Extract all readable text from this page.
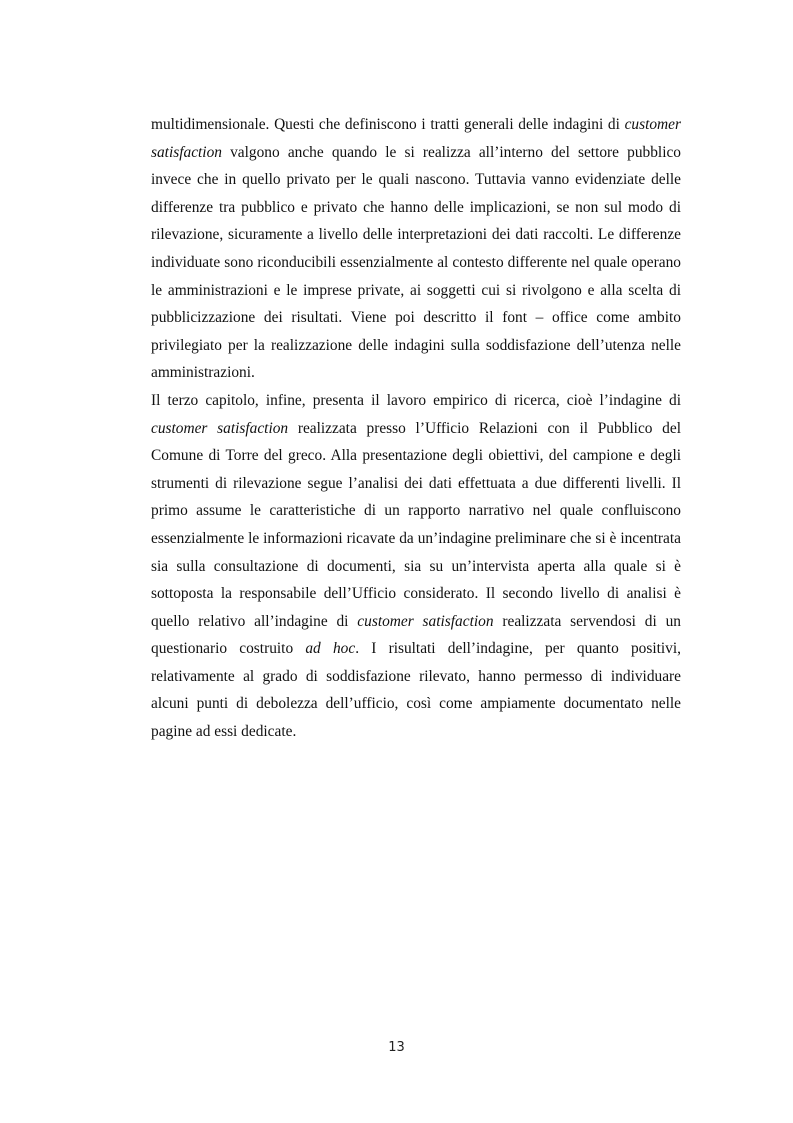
multidimensionale. Questi che definiscono i tratti generali delle indagini di customer satisfaction valgono anche quando le si realizza all’interno del settore pubblico invece che in quello privato per le quali nascono. Tuttavia vanno evidenziate delle differenze tra pubblico e privato che hanno delle implicazioni, se non sul modo di rilevazione, sicuramente a livello delle interpretazioni dei dati raccolti. Le differenze individuate sono riconducibili essenzialmente al contesto differente nel quale operano le amministrazioni e le imprese private, ai soggetti cui si rivolgono e alla scelta di pubblicizzazione dei risultati. Viene poi descritto il font – office come ambito privilegiato per la realizzazione delle indagini sulla soddisfazione dell’utenza nelle amministrazioni.

Il terzo capitolo, infine, presenta il lavoro empirico di ricerca, cioè l’indagine di customer satisfaction realizzata presso l’Ufficio Relazioni con il Pubblico del Comune di Torre del greco. Alla presentazione degli obiettivi, del campione e degli strumenti di rilevazione segue l’analisi dei dati effettuata a due differenti livelli. Il primo assume le caratteristiche di un rapporto narrativo nel quale confluiscono essenzialmente le informazioni ricavate da un’indagine preliminare che si è incentrata sia sulla consultazione di documenti, sia su un’intervista aperta alla quale si è sottoposta la responsabile dell’Ufficio considerato. Il secondo livello di analisi è quello relativo all’indagine di customer satisfaction realizzata servendosi di un questionario costruito ad hoc. I risultati dell’indagine, per quanto positivi, relativamente al grado di soddisfazione rilevato, hanno permesso di individuare alcuni punti di debolezza dell’ufficio, così come ampiamente documentato nelle pagine ad essi dedicate.

13
